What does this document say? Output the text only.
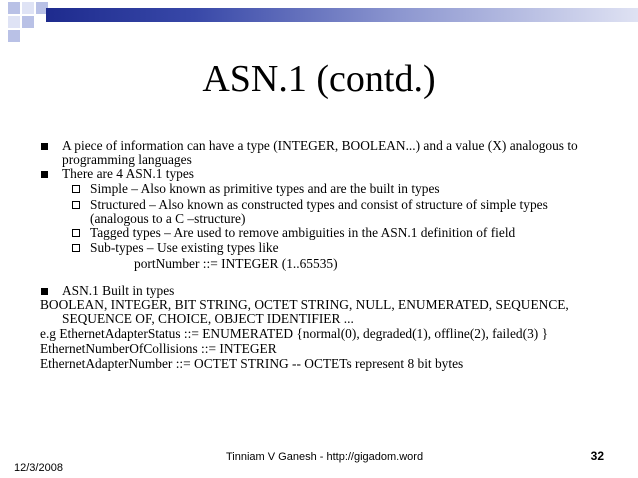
ASN.1 (contd.)
A piece of information can have a type (INTEGER, BOOLEAN...) and a value (X) analogous to
programming languages
There are 4 ASN.1 types
Simple – Also known as primitive types and are the built in types
Structured – Also known as constructed types and consist of structure of simple types
(analogous to a C –structure)
Tagged types – Are used to remove ambiguities in the ASN.1 definition of field
Sub-types – Use existing types like
portNumber ::= INTEGER (1..65535)
ASN.1 Built in types
BOOLEAN, INTEGER, BIT STRING, OCTET STRING, NULL, ENUMERATED, SEQUENCE,
SEQUENCE OF, CHOICE, OBJECT IDENTIFIER ...
e.g EthernetAdapterStatus ::= ENUMERATED {normal(0), degraded(1), offline(2), failed(3) }
EthernetNumberOfCollisions ::= INTEGER
EthernetAdapterNumber ::= OCTET STRING -- OCTETs represent 8 bit bytes
Tinniam V Ganesh - http://gigadom.word
12/3/2008
32
